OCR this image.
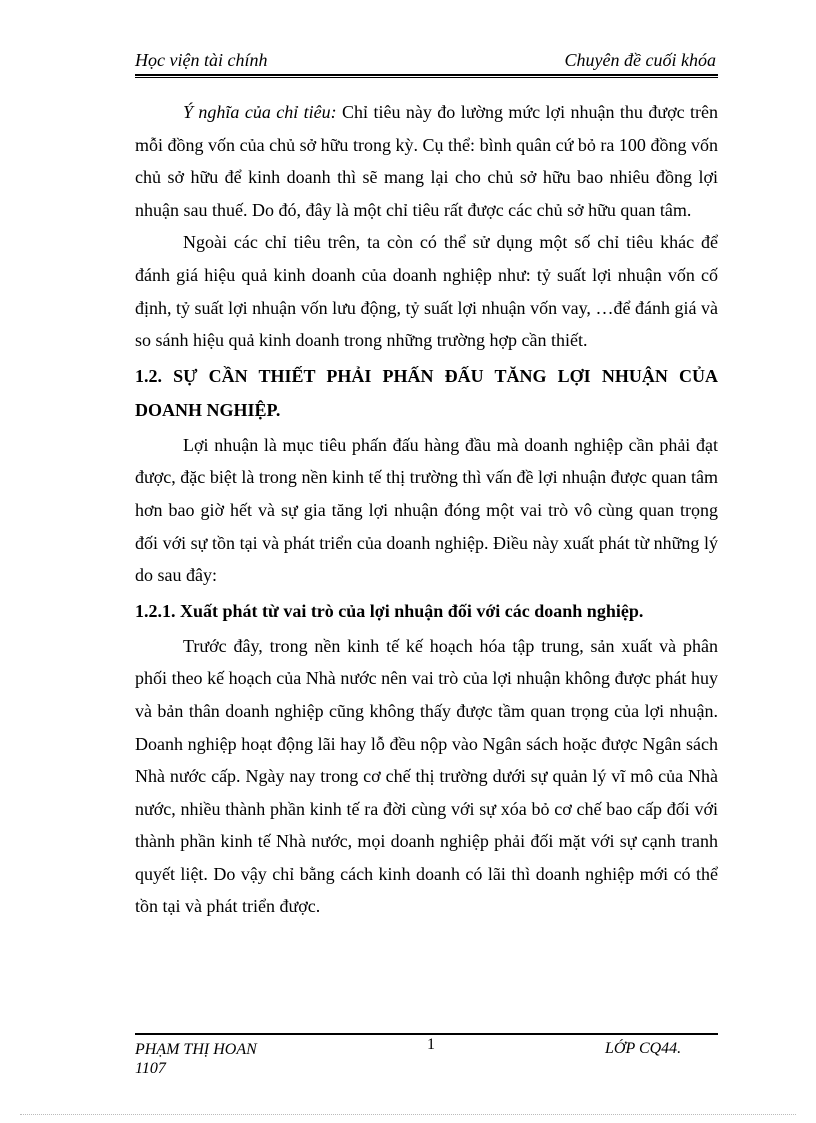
Học viện tài chính	Chuyên đề cuối khóa

Ý nghĩa của chỉ tiêu: Chỉ tiêu này đo lường mức lợi nhuận thu được trên mỗi đồng vốn của chủ sở hữu trong kỳ. Cụ thể: bình quân cứ bỏ ra 100 đồng vốn chủ sở hữu để kinh doanh thì sẽ mang lại cho chủ sở hữu bao nhiêu đồng lợi nhuận sau thuế. Do đó, đây là một chỉ tiêu rất được các chủ sở hữu quan tâm.

Ngoài các chỉ tiêu trên, ta còn có thể sử dụng một số chỉ tiêu khác để đánh giá hiệu quả kinh doanh của doanh nghiệp như: tỷ suất lợi nhuận vốn cố định, tỷ suất lợi nhuận vốn lưu động, tỷ suất lợi nhuận vốn vay, …để đánh giá và so sánh hiệu quả kinh doanh trong những trường hợp cần thiết.

1.2. SỰ CẦN THIẾT PHẢI PHẤN ĐẤU TĂNG LỢI NHUẬN CỦA DOANH NGHIỆP.

Lợi nhuận là mục tiêu phấn đấu hàng đầu mà doanh nghiệp cần phải đạt được, đặc biệt là trong nền kinh tế thị trường thì vấn đề lợi nhuận được quan tâm hơn bao giờ hết và sự gia tăng lợi nhuận đóng một vai trò vô cùng quan trọng đối với sự tồn tại và phát triển của doanh nghiệp. Điều này xuất phát từ những lý do sau đây:

1.2.1. Xuất phát từ vai trò của lợi nhuận đối với các doanh nghiệp.

Trước đây, trong nền kinh tế kế hoạch hóa tập trung, sản xuất và phân phối theo kế hoạch của Nhà nước nên vai trò của lợi nhuận không được phát huy và bản thân doanh nghiệp cũng không thấy được tầm quan trọng của lợi nhuận. Doanh nghiệp hoạt động lãi hay lỗ đều nộp vào Ngân sách hoặc được Ngân sách Nhà nước cấp. Ngày nay trong cơ chế thị trường dưới sự quản lý vĩ mô của Nhà nước, nhiều thành phần kinh tế ra đời cùng với sự xóa bỏ cơ chế bao cấp đối với thành phần kinh tế Nhà nước, mọi doanh nghiệp phải đối mặt với sự cạnh tranh quyết liệt. Do vậy chỉ bằng cách kinh doanh có lãi thì doanh nghiệp mới có thể tồn tại và phát triển được.

PHẠM THỊ HOAN
1107
1	LỚP CQ44.
